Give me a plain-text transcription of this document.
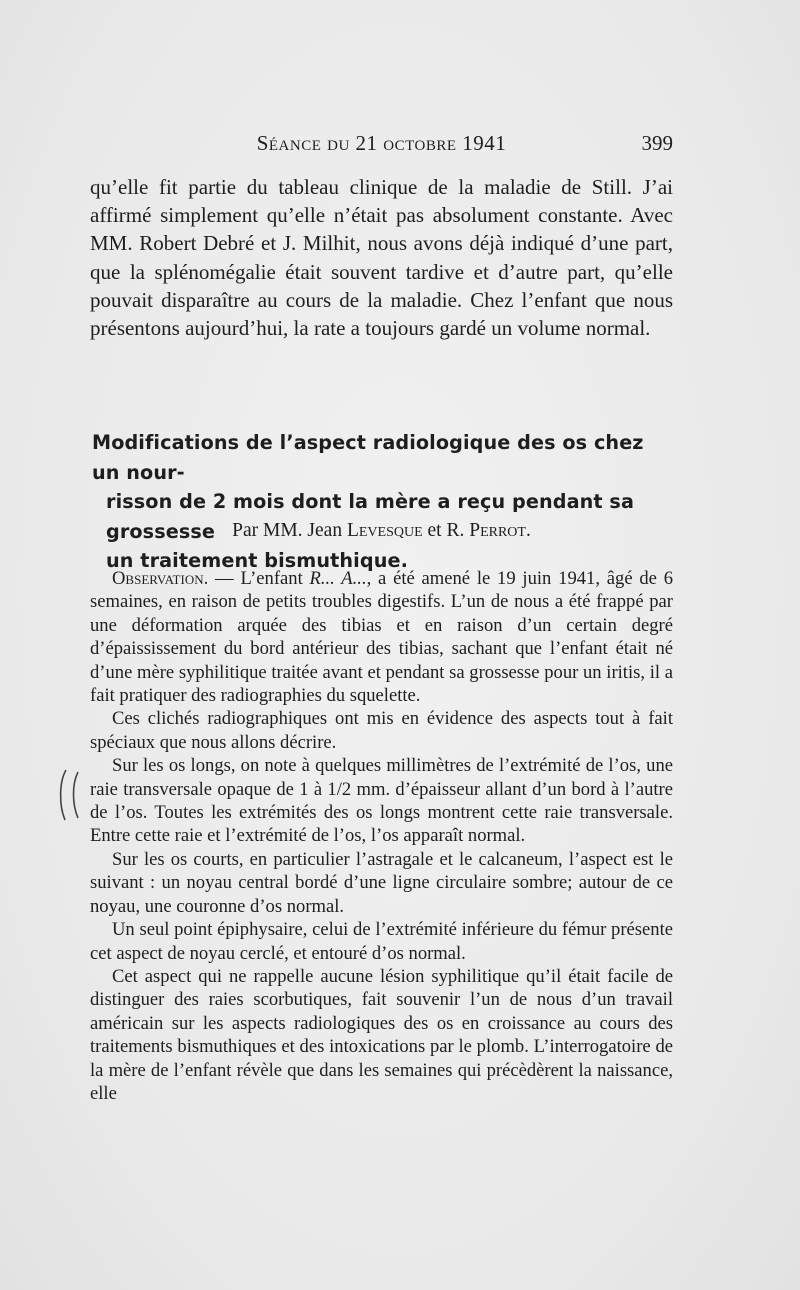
Séance du 21 octobre 1941	399

qu’elle fit partie du tableau clinique de la maladie de Still. J’ai affirmé simplement qu’elle n’était pas absolument constante. Avec MM. Robert Debré et J. Milhit, nous avons déjà indiqué d’une part, que la splénomégalie était souvent tardive et d’autre part, qu’elle pouvait disparaître au cours de la maladie. Chez l’enfant que nous présentons aujourd’hui, la rate a toujours gardé un volume normal.

Modifications de l’aspect radiologique des os chez un nour-
risson de 2 mois dont la mère a reçu pendant sa grossesse
un traitement bismuthique.
Par MM. Jean Levesque et R. Perrot.

Observation. — L’enfant R... A..., a été amené le 19 juin 1941, âgé de 6 semaines, en raison de petits troubles digestifs. L’un de nous a été frappé par une déformation arquée des tibias et en raison d’un certain degré d’épaississement du bord antérieur des tibias, sachant que l’enfant était né d’une mère syphilitique traitée avant et pendant sa grossesse pour un iritis, il a fait pratiquer des radiographies du squelette.

Ces clichés radiographiques ont mis en évidence des aspects tout à fait spéciaux que nous allons décrire.

Sur les os longs, on note à quelques millimètres de l’extrémité de l’os, une raie transversale opaque de 1 à 1/2 mm. d’épaisseur allant d’un bord à l’autre de l’os. Toutes les extrémités des os longs montrent cette raie transversale. Entre cette raie et l’extrémité de l’os, l’os apparaît normal.

Sur les os courts, en particulier l’astragale et le calcaneum, l’aspect est le suivant : un noyau central bordé d’une ligne circulaire sombre; autour de ce noyau, une couronne d’os normal.

Un seul point épiphysaire, celui de l’extrémité inférieure du fémur présente cet aspect de noyau cerclé, et entouré d’os normal.

Cet aspect qui ne rappelle aucune lésion syphilitique qu’il était facile de distinguer des raies scorbutiques, fait souvenir l’un de nous d’un travail américain sur les aspects radiologiques des os en croissance au cours des traitements bismuthiques et des intoxications par le plomb. L’interrogatoire de la mère de l’enfant révèle que dans les semaines qui précèdèrent la naissance, elle
